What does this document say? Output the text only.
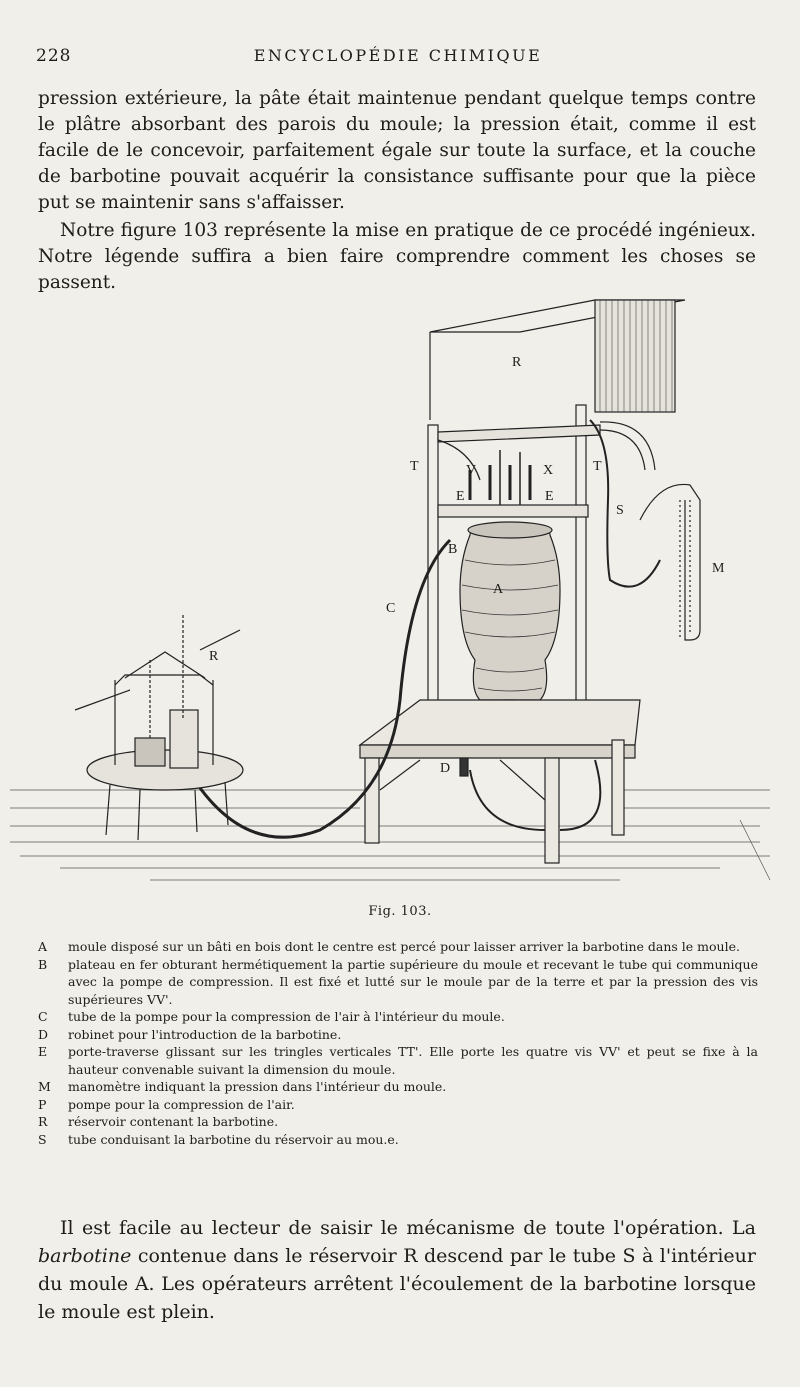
228	ENCYCLOPÉDIE CHIMIQUE

pression extérieure, la pâte était maintenue pendant quelque temps contre le plâtre absorbant des parois du moule; la pression était, comme il est facile de le concevoir, parfaitement égale sur toute la surface, et la couche de barbotine pouvait acquérir la consistance suffisante pour que la pièce put se maintenir sans s'affaisser.

Notre figure 103 représente la mise en pratique de ce procédé ingénieux. Notre légende suffira a bien faire comprendre comment les choses se passent.

R
T	V	X	T
E	E
S
B
A
C
M
R
D
Fig. 103.
A	moule disposé sur un bâti en bois dont le centre est percé pour laisser arriver la barbotine dans le moule.
B	plateau en fer obturant hermétiquement la partie supérieure du moule et recevant le tube qui communique avec la pompe de compression. Il est fixé et lutté sur le moule par de la terre et par la pression des vis supérieures VV'.
C	tube de la pompe pour la compression de l'air à l'intérieur du moule.
D	robinet pour l'introduction de la barbotine.
E	porte-traverse glissant sur les tringles verticales TT'. Elle porte les quatre vis VV' et peut se fixe à la hauteur convenable suivant la dimension du moule.
M	manomètre indiquant la pression dans l'intérieur du moule.
P	pompe pour la compression de l'air.
R	réservoir contenant la barbotine.
S	tube conduisant la barbotine du réservoir au mou.e.

Il est facile au lecteur de saisir le mécanisme de toute l'opération. La barbotine contenue dans le réservoir R descend par le tube S à l'intérieur du moule A. Les opérateurs arrêtent l'écoulement de la barbotine lorsque le moule est plein.
